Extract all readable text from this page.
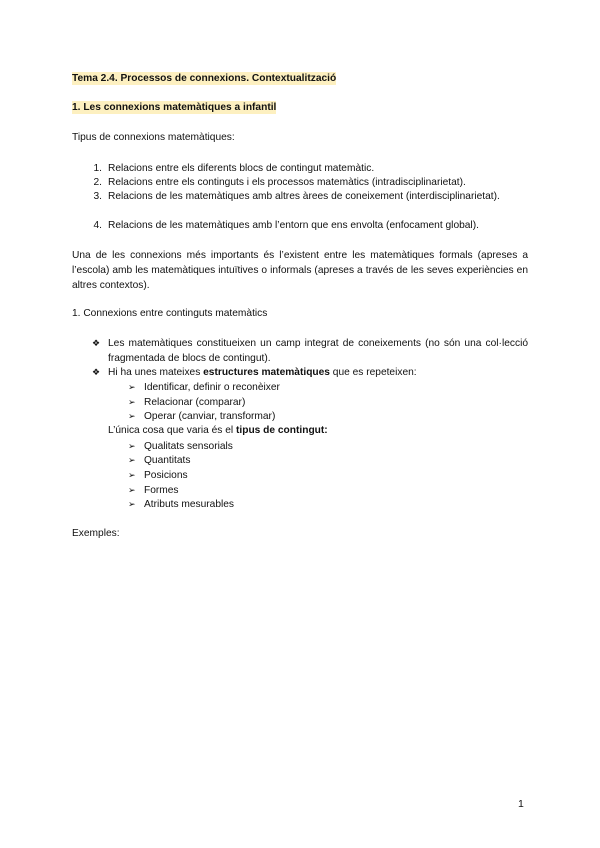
Tema 2.4. Processos de connexions. Contextualització
1. Les connexions matemàtiques a infantil
Tipus de connexions matemàtiques:
1. Relacions entre els diferents blocs de contingut matemàtic.
2. Relacions entre els continguts i els processos matemàtics (intradisciplinarietat).
3. Relacions de les matemàtiques amb altres àrees de coneixement (interdisciplinarietat).
4. Relacions de les matemàtiques amb l’entorn que ens envolta (enfocament global).
Una de les connexions més importants és l’existent entre les matemàtiques formals (apreses a l’escola) amb les matemàtiques intuïtives o informals (apreses a través de les seves experiències en altres contextos).
1. Connexions entre continguts matemàtics
❖ Les matemàtiques constitueixen un camp integrat de coneixements (no són una col·lecció fragmentada de blocs de contingut).
❖ Hi ha unes mateixes estructures matemàtiques que es repeteixen:
➢ Identificar, definir o reconèixer
➢ Relacionar (comparar)
➢ Operar (canviar, transformar)
L’única cosa que varia és el tipus de contingut:
➢ Qualitats sensorials
➢ Quantitats
➢ Posicions
➢ Formes
➢ Atributs mesurables
Exemples:
1
